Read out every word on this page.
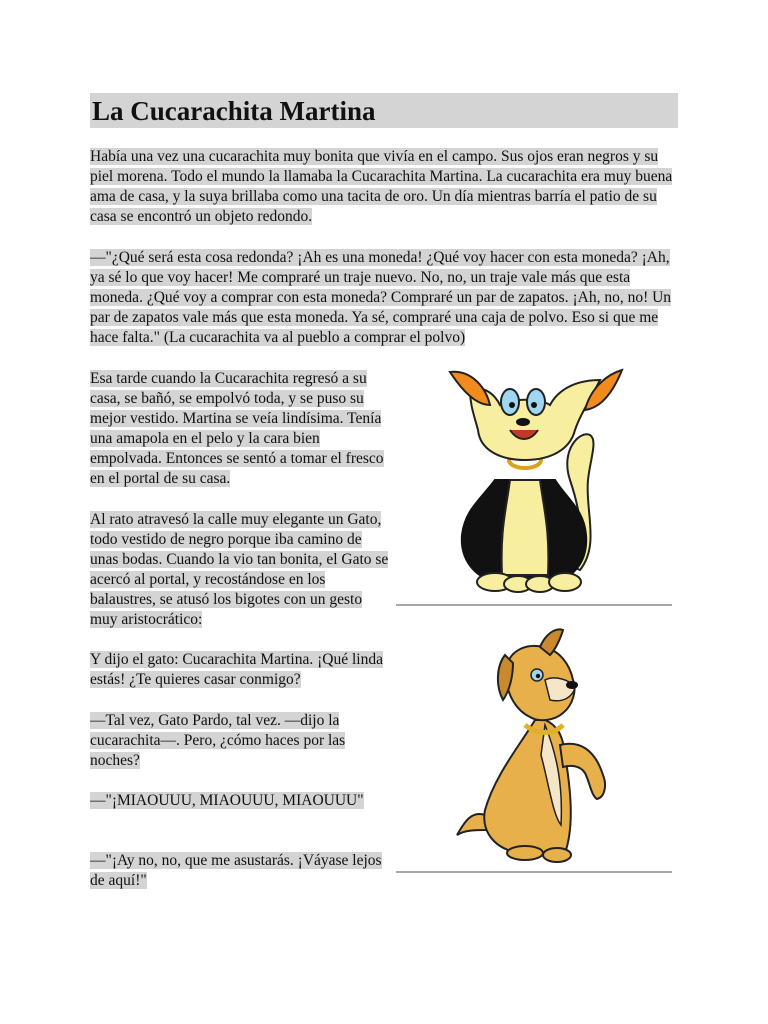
La Cucarachita Martina

Había una vez una cucarachita muy bonita que vivía en el campo. Sus ojos eran negros y su piel morena. Todo el mundo la llamaba la Cucarachita Martina. La cucarachita era muy buena ama de casa, y la suya brillaba como una tacita de oro. Un día mientras barría el patio de su casa se encontró un objeto redondo.

—"¿Qué será esta cosa redonda? ¡Ah es una moneda! ¿Qué voy hacer con esta moneda? ¡Ah, ya sé lo que voy hacer! Me compraré un traje nuevo. No, no, un traje vale más que esta moneda. ¿Qué voy a comprar con esta moneda? Compraré un par de zapatos. ¡Ah, no, no! Un par de zapatos vale más que esta moneda. Ya sé, compraré una caja de polvo. Eso si que me hace falta." (La cucarachita va al pueblo a comprar el polvo)

Esa tarde cuando la Cucarachita regresó a su casa, se bañó, se empolvó toda, y se puso su mejor vestido. Martina se veía lindísima. Tenía una amapola en el pelo y la cara bien empolvada. Entonces se sentó a tomar el fresco en el portal de su casa.

Al rato atravesó la calle muy elegante un Gato, todo vestido de negro porque iba camino de unas bodas. Cuando la vio tan bonita, el Gato se acercó al portal, y recostándose en los balaustres, se atusó los bigotes con un gesto muy aristocrático:

Y dijo el gato: Cucarachita Martina. ¡Qué linda estás! ¿Te quieres casar conmigo?

—Tal vez, Gato Pardo, tal vez. —dijo la cucarachita—. Pero, ¿cómo haces por las noches?

—"¡MIAOUUU, MIAOUUU, MIAOUUU"

—"¡Ay no, no, que me asustarás. ¡Váyase lejos de aquí!"
